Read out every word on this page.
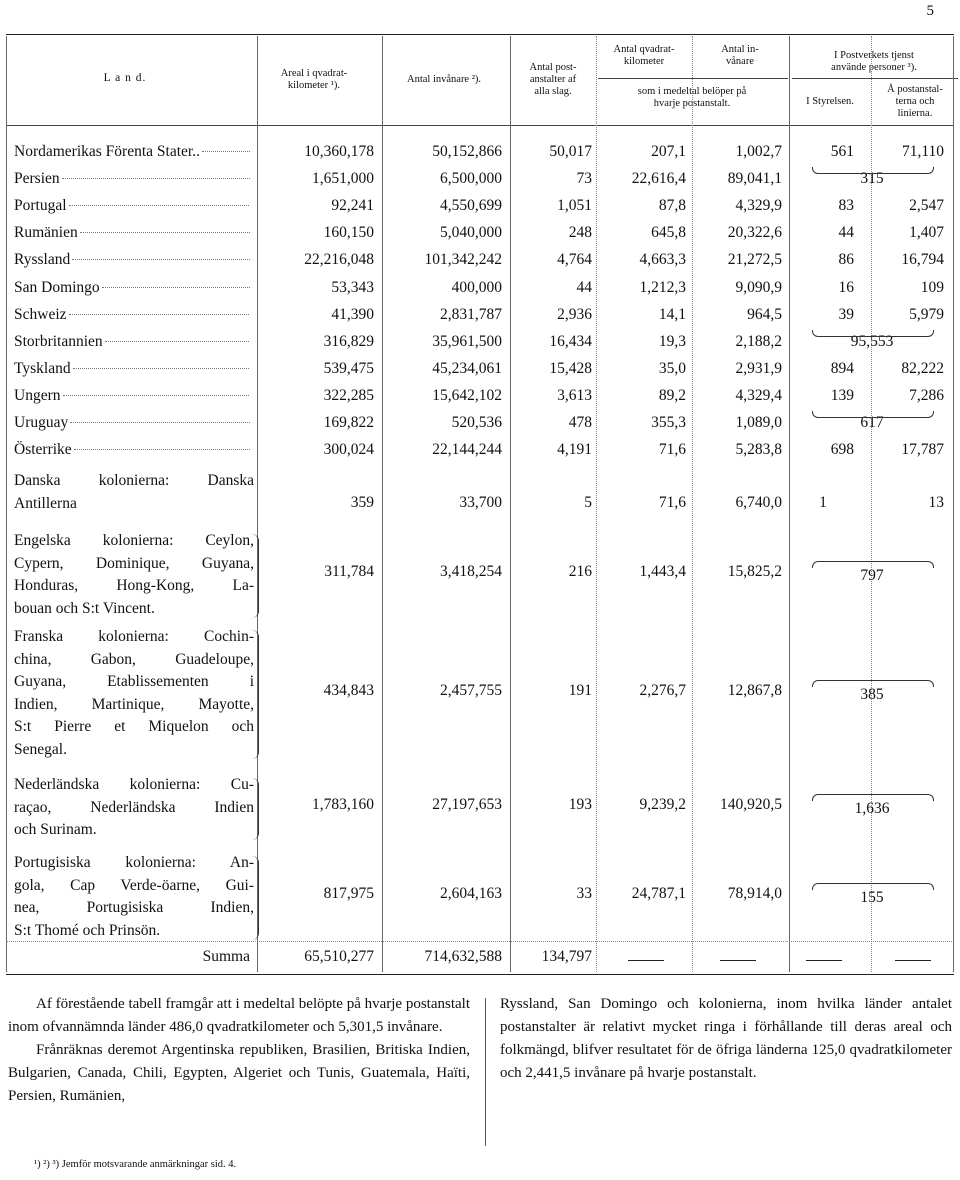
5
L a n d.	Areal i qvadrat-
kilometer ¹).
Antal invånare ²).
Antal post-
anstalter af
alla slag.
Antal qvadrat-
kilometer
Antal in-
vånare
som i medeltal belöper på
hvarje postanstalt.
I Postverkets tjenst
använde personer ³).
I Styrelsen.
Å postanstal-
terna och
linierna.
Nordamerikas Förenta Stater..	10,360,178	50,152,866	50,017	207,1	1,002,7	561	71,110
Persien	1,651,000	6,500,000	73	22,616,4	89,041,1	315
Portugal	92,241	4,550,699	1,051	87,8	4,329,9	83	2,547
Rumänien	160,150	5,040,000	248	645,8	20,322,6	44	1,407
Ryssland	22,216,048	101,342,242	4,764	4,663,3	21,272,5	86	16,794
San Domingo	53,343	400,000	44	1,212,3	9,090,9	16	109
Schweiz	41,390	2,831,787	2,936	14,1	964,5	39	5,979
Storbritannien	316,829	35,961,500	16,434	19,3	2,188,2	95,553
Tyskland	539,475	45,234,061	15,428	35,0	2,931,9	894	82,222
Ungern	322,285	15,642,102	3,613	89,2	4,329,4	139	7,286
Uruguay	169,822	520,536	478	355,3	1,089,0	617
Österrike	300,024	22,144,244	4,191	71,6	5,283,8	698	17,787
Danska kolonierna: Danska
Antillerna	359	33,700	5	71,6	6,740,0	1	13
Engelska kolonierna: Ceylon,
Cypern, Dominique, Guyana,
Honduras, Hong-Kong, La-
bouan och S:t Vincent.
311,784	3,418,254	216	1,443,4	15,825,2	797
Franska kolonierna: Cochin-
china, Gabon, Guadeloupe,
Guyana, Etablissementen i
Indien, Martinique, Mayotte,
S:t Pierre et Miquelon och
Senegal.
434,843	2,457,755	191	2,276,7	12,867,8	385
Nederländska kolonierna: Cu-
raçao, Nederländska Indien
och Surinam.
1,783,160	27,197,653	193	9,239,2	140,920,5	1,636
Portugisiska kolonierna: An-
gola, Cap Verde-öarne, Gui-
nea, Portugisiska Indien,
S:t Thomé och Prinsön.
817,975	2,604,163	33	24,787,1	78,914,0	155
Summa	65,510,277	714,632,588	134,797

Af förestående tabell framgår att i medeltal belöpte på hvarje postanstalt inom ofvannämnda länder 486,0 qvadratkilometer och 5,301,5 invånare.

Frånräknas deremot Argentinska republiken, Brasilien, Britiska Indien, Bulgarien, Canada, Chili, Egypten, Algeriet och Tunis, Guatemala, Haïti, Persien, Rumänien,

Ryssland, San Domingo och kolonierna, inom hvilka länder antalet postanstalter är relativt mycket ringa i förhållande till deras areal och folkmängd, blifver resultatet för de öfriga länderna 125,0 qvadratkilometer och 2,441,5 invånare på hvarje postanstalt.

¹) ²) ³) Jemför motsvarande anmärkningar sid. 4.
